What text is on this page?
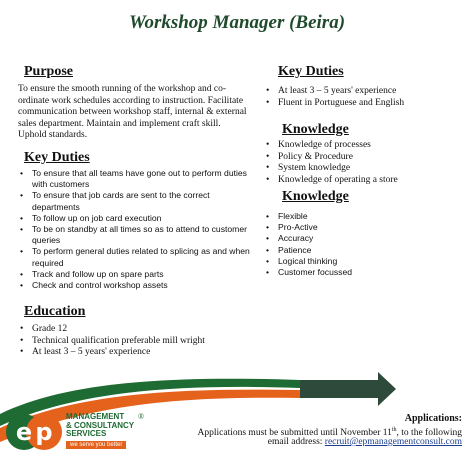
Workshop Manager (Beira)
Purpose
To ensure the smooth running of the workshop and co-ordinate work schedules according to instruction. Facilitate communication between workshop staff, internal & external sales department. Maintain and implement craft skill. Uphold standards.
Key Duties
• To ensure that all teams have gone out to perform duties with customers
• To ensure that job cards are sent to the correct departments
• To follow up on job card execution
• To be on standby at all times so as to attend to customer queries
• To perform general duties related to splicing as and when required
• Track and follow up on spare parts
• Check and control workshop assets
Education
• Grade 12
• Technical qualification preferable mill wright
• At least 3 – 5 years' experience
Key Duties
• At least 3 – 5 years' experience
• Fluent in Portuguese and English
Knowledge
• Knowledge of processes
• Policy & Procedure
• System knowledge
• Knowledge of operating a store
Knowledge
• Flexible
• Pro-Active
• Accuracy
• Patience
• Logical thinking
• Customer focussed
e p
MANAGEMENT
& CONSULTANCY
SERVICES
®
we serve you better
Applications:
Applications must be submitted until November 11th, to the following
email address: recruit@epmanagementconsult.com
